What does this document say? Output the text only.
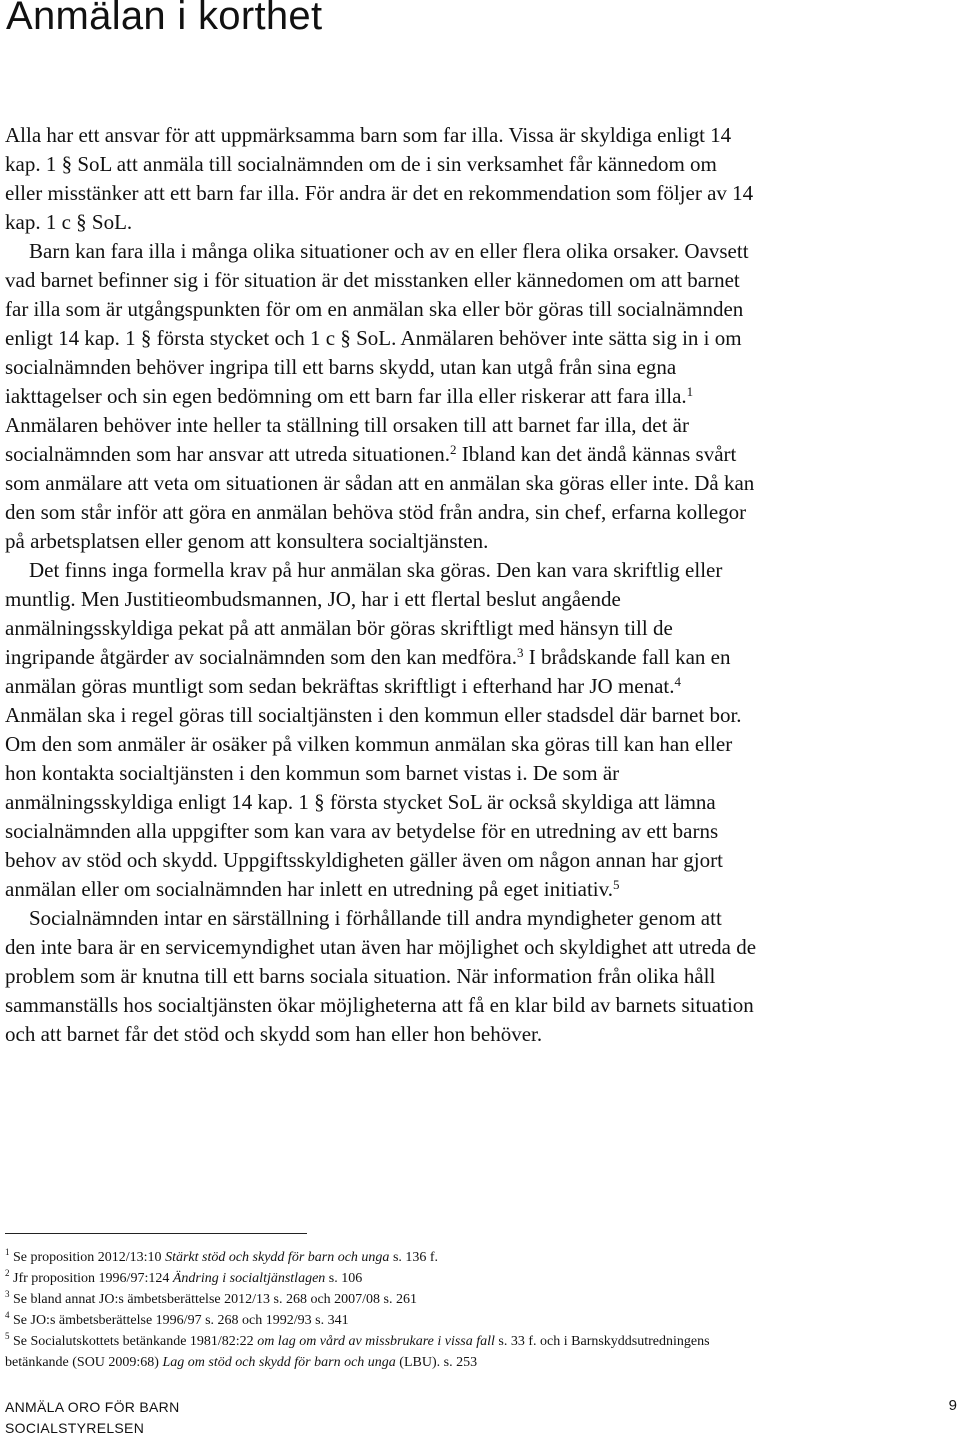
Anmälan i korthet

Alla har ett ansvar för att uppmärksamma barn som far illa. Vissa är skyldiga enligt 14 kap. 1 § SoL att anmäla till socialnämnden om de i sin verksamhet får kännedom om eller misstänker att ett barn far illa. För andra är det en rekommendation som följer av 14 kap. 1 c § SoL.

Barn kan fara illa i många olika situationer och av en eller flera olika orsaker. Oavsett vad barnet befinner sig i för situation är det misstanken eller kännedomen om att barnet far illa som är utgångspunkten för om en anmälan ska eller bör göras till socialnämnden enligt 14 kap. 1 § första stycket och 1 c § SoL. Anmälaren behöver inte sätta sig in i om socialnämnden behöver ingripa till ett barns skydd, utan kan utgå från sina egna iakttagelser och sin egen bedömning om ett barn far illa eller riskerar att fara illa.$^1$ Anmälaren behöver inte heller ta ställning till orsaken till att barnet far illa, det är socialnämnden som har ansvar att utreda situationen.$^2$ Ibland kan det ändå kännas svårt som anmälare att veta om situationen är sådan att en anmälan ska göras eller inte. Då kan den som står inför att göra en anmälan behöva stöd från andra, sin chef, erfarna kollegor på arbetsplatsen eller genom att konsultera socialtjänsten.

Det finns inga formella krav på hur anmälan ska göras. Den kan vara skriftlig eller muntlig. Men Justitieombudsmannen, JO, har i ett flertal beslut angående anmälningsskyldiga pekat på att anmälan bör göras skriftligt med hänsyn till de ingripande åtgärder av socialnämnden som den kan medföra.$^3$ I brådskande fall kan en anmälan göras muntligt som sedan bekräftas skriftligt i efterhand har JO menat.$^4$ Anmälan ska i regel göras till socialtjänsten i den kommun eller stadsdel där barnet bor. Om den som anmäler är osäker på vilken kommun anmälan ska göras till kan han eller hon kontakta socialtjänsten i den kommun som barnet vistas i. De som är anmälningsskyldiga enligt 14 kap. 1 § första stycket SoL är också skyldiga att lämna socialnämnden alla uppgifter som kan vara av betydelse för en utredning av ett barns behov av stöd och skydd. Uppgiftsskyldigheten gäller även om någon annan har gjort anmälan eller om socialnämnden har inlett en utredning på eget initiativ.$^5$

Socialnämnden intar en särställning i förhållande till andra myndigheter genom att den inte bara är en servicemyndighet utan även har möjlighet och skyldighet att utreda de problem som är knutna till ett barns sociala situation. När information från olika håll sammanställs hos socialtjänsten ökar möjligheterna att få en klar bild av barnets situation och att barnet får det stöd och skydd som han eller hon behöver.

$^1$ Se proposition 2012/13:10 Stärkt stöd och skydd för barn och unga s. 136 f.

$^2$ Jfr proposition 1996/97:124 Ändring i socialtjänstlagen s. 106

$^3$ Se bland annat JO:s ämbetsberättelse 2012/13 s. 268 och 2007/08 s. 261

$^4$ Se JO:s ämbetsberättelse 1996/97 s. 268 och 1992/93 s. 341

$^5$ Se Socialutskottets betänkande 1981/82:22 om lag om vård av missbrukare i vissa fall s. 33 f. och i Barnskyddsutredningens betänkande (SOU 2009:68) Lag om stöd och skydd för barn och unga (LBU). s. 253

ANMÄLA ORO FÖR BARN
SOCIALSTYRELSEN
9
